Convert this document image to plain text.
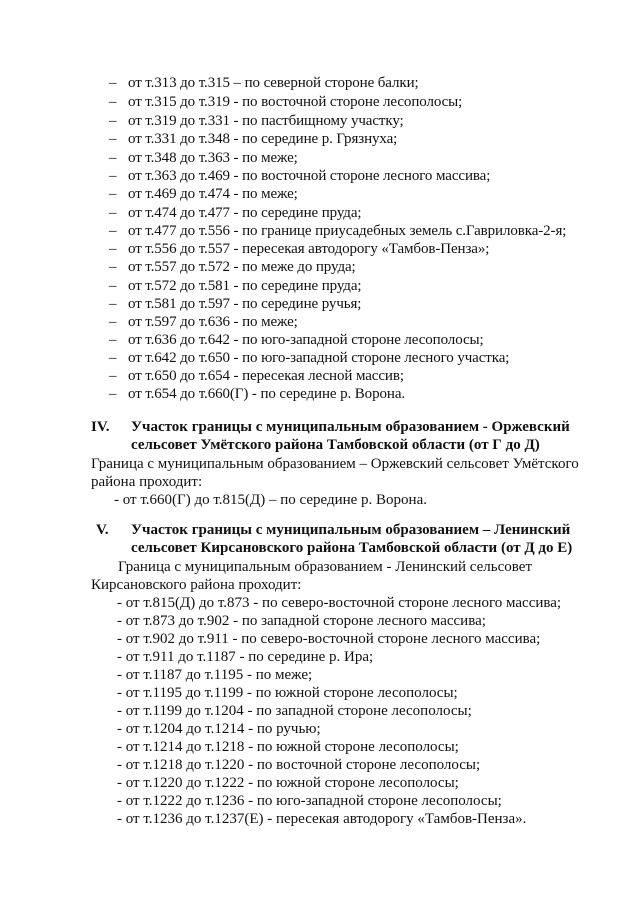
– от т.313 до т.315 – по северной стороне балки;
– от т.315 до т.319 - по восточной стороне лесополосы;
– от т.319 до т.331 - по пастбищному участку;
– от т.331 до т.348 - по середине р. Грязнуха;
– от т.348 до т.363 - по меже;
– от т.363 до т.469 - по восточной стороне лесного массива;
– от т.469 до т.474 - по меже;
– от т.474 до т.477 - по середине пруда;
– от т.477 до т.556 - по границе приусадебных земель с.Гавриловка-2-я;
– от т.556 до т.557 - пересекая автодорогу «Тамбов-Пенза»;
– от т.557 до т.572 - по меже до пруда;
– от т.572 до т.581 - по середине пруда;
– от т.581 до т.597 - по середине ручья;
– от т.597 до т.636 - по меже;
– от т.636 до т.642 - по юго-западной стороне лесополосы;
– от т.642 до т.650 - по юго-западной стороне лесного участка;
– от т.650 до т.654 - пересекая лесной массив;
– от т.654 до т.660(Г) - по середине р. Ворона.
IV. Участок границы с муниципальным образованием - Оржевский
сельсовет Умётского района Тамбовской области (от Г до Д)
Граница с муниципальным образованием – Оржевский сельсовет Умётского
района проходит:
- от т.660(Г) до т.815(Д) – по середине р. Ворона.
V. Участок границы с муниципальным образованием – Ленинский
сельсовет Кирсановского района Тамбовской области (от Д до Е)
Граница с муниципальным образованием - Ленинский сельсовет
Кирсановского района проходит:
- от т.815(Д) до т.873 - по северо-восточной стороне лесного массива;
- от т.873 до т.902 - по западной стороне лесного массива;
- от т.902 до т.911 - по северо-восточной стороне лесного массива;
- от т.911 до т.1187 - по середине р. Ира;
- от т.1187 до т.1195 - по меже;
- от т.1195 до т.1199 - по южной стороне лесополосы;
- от т.1199 до т.1204 - по западной стороне лесополосы;
- от т.1204 до т.1214 - по ручью;
- от т.1214 до т.1218 - по южной стороне лесополосы;
- от т.1218 до т.1220 - по восточной стороне лесополосы;
- от т.1220 до т.1222 - по южной стороне лесополосы;
- от т.1222 до т.1236 - по юго-западной стороне лесополосы;
- от т.1236 до т.1237(Е) - пересекая автодорогу «Тамбов-Пенза».
